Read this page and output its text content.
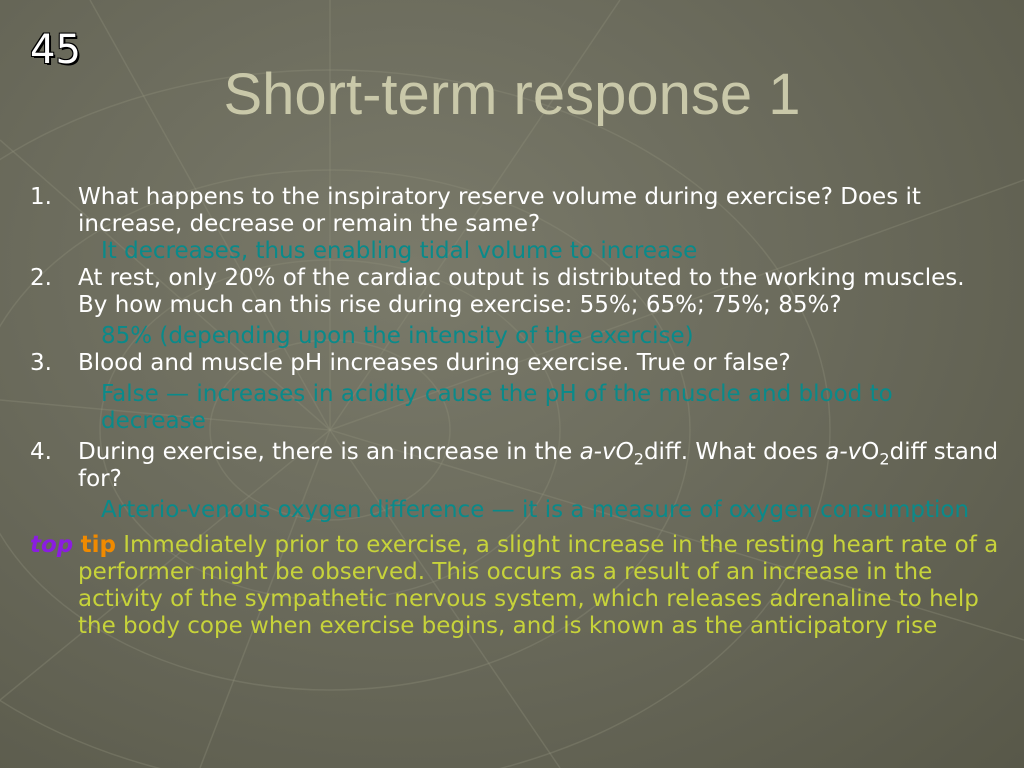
45
Short-term response 1
1. What happens to the inspiratory reserve volume during exercise? Does it increase, decrease or remain the same?
It decreases, thus enabling tidal volume to increase
2. At rest, only 20% of the cardiac output is distributed to the working muscles. By how much can this rise during exercise: 55%; 65%; 75%; 85%?
85% (depending upon the intensity of the exercise)
3. Blood and muscle pH increases during exercise. True or false?
False — increases in acidity cause the pH of the muscle and blood to decrease
4. During exercise, there is an increase in the $a-vO_2diff$. What does $a-vO_2diff$ stand for?
Arterio-venous oxygen difference — it is a measure of oxygen consumption
top tip Immediately prior to exercise, a slight increase in the resting heart rate of a performer might be observed. This occurs as a result of an increase in the activity of the sympathetic nervous system, which releases adrenaline to help the body cope when exercise begins, and is known as the anticipatory rise
